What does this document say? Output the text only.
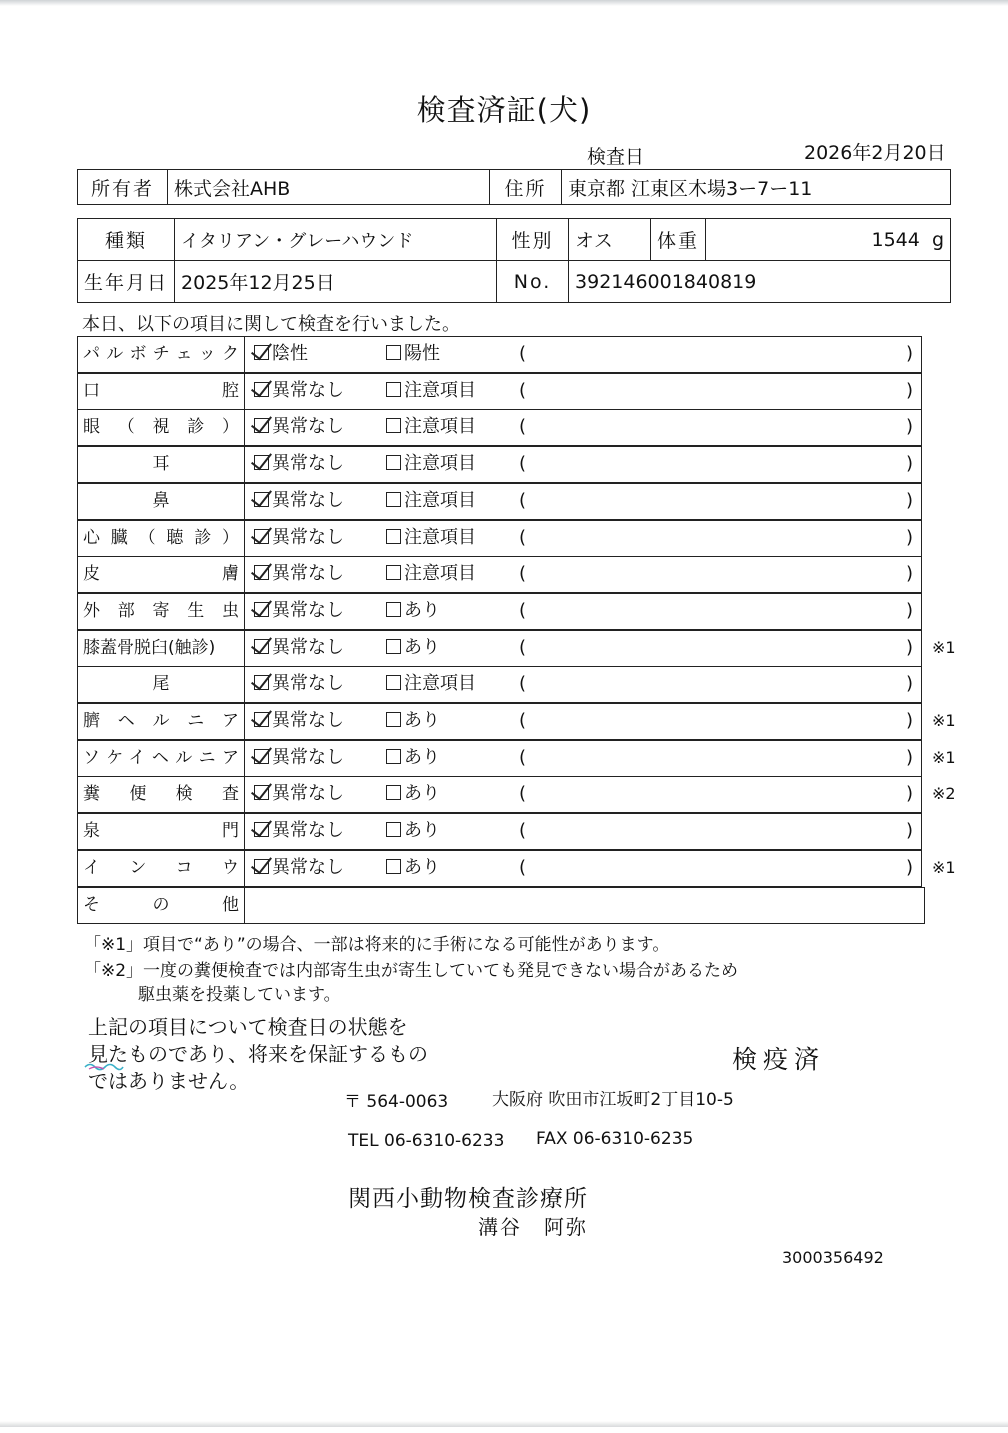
検査済証(犬)
検査日	2026年2月20日
所有者	株式会社AHB	住所	東京都 江東区木場3ー7ー11
種類	イタリアン・グレーハウンド	性別	オス	体重	1544 g
生年月日	2025年12月25日	No.	392146001840819		
本日、以下の項目に関して検査を行いました。
パルボチェック	陰性	陽性	(	)
口腔	異常なし	注意項目 (	)
眼（視診）	異常なし	注意項目 (	)
耳	異常なし	注意項目 (	)
鼻	異常なし	注意項目 (	)
心臓（聴診）	異常なし	注意項目 (	)
皮膚	異常なし	注意項目 (	)
外部寄生虫	異常なし	あり	(	)
膝蓋骨脱臼(触診)	異常なし	あり	(	) ※1
尾	異常なし	注意項目 (	)
臍ヘルニア	異常なし	あり	(	) ※1
ソケイヘルニア	異常なし	あり	(	) ※1
糞便検査	異常なし	あり	(	) ※2
泉門	異常なし	あり	(	)
インコウ	異常なし	あり	(	) ※1
その他
「※1」項目で“あり”の場合、一部は将来的に手術になる可能性があります。
「※2」一度の糞便検査では内部寄生虫が寄生していても発見できない場合があるため
駆虫薬を投薬しています。
上記の項目について検査日の状態を
見たものであり、将来を保証するもの
ではありません。
検疫済
〒 564-0063	大阪府 吹田市江坂町2丁目10-5
TEL 06-6310-6233 FAX 06-6310-6235
関西小動物検査診療所
溝谷　阿弥
3000356492
